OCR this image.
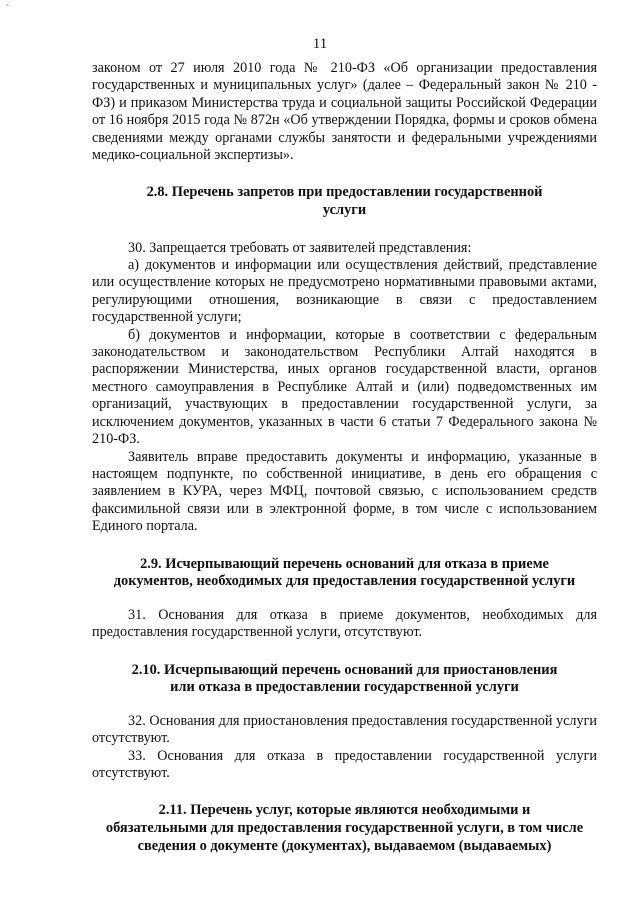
`
11

законом от 27 июля 2010 года № 210-ФЗ «Об организации предоставления государственных и муниципальных услуг» (далее – Федеральный закон № 210 - ФЗ) и приказом Министерства труда и социальной защиты Российской Федерации от 16 ноября 2015 года № 872н «Об утверждении Порядка, формы и сроков обмена сведениями между органами службы занятости и федеральными учреждениями медико-социальной экспертизы».

2.8. Перечень запретов при предоставлении государственной

услуги

30. Запрещается требовать от заявителей представления:

а) документов и информации или осуществления действий, представление или осуществление которых не предусмотрено нормативными правовыми актами, регулирующими отношения, возникающие в связи с предоставлением государственной услуги;

б) документов и информации, которые в соответствии с федеральным законодательством и законодательством Республики Алтай находятся в распоряжении Министерства, иных органов государственной власти, органов местного самоуправления в Республике Алтай и (или) подведомственных им организаций, участвующих в предоставлении государственной услуги, за исключением документов, указанных в части 6 статьи 7 Федерального закона № 210-ФЗ.

Заявитель вправе предоставить документы и информацию, указанные в настоящем подпункте, по собственной инициативе, в день его обращения с заявлением в КУРА, через МФЦ, почтовой связью, с использованием средств факсимильной связи или в электронной форме, в том числе с использованием Единого портала.

2.9. Исчерпывающий перечень оснований для отказа в приеме

документов, необходимых для предоставления государственной услуги

31. Основания для отказа в приеме документов, необходимых для предоставления государственной услуги, отсутствуют.

2.10. Исчерпывающий перечень оснований для приостановления

или отказа в предоставлении государственной услуги

32. Основания для приостановления предоставления государственной услуги отсутствуют.

33. Основания для отказа в предоставлении государственной услуги отсутствуют.

2.11. Перечень услуг, которые являются необходимыми и

обязательными для предоставления государственной услуги, в том числе

сведения о документе (документах), выдаваемом (выдаваемых)
